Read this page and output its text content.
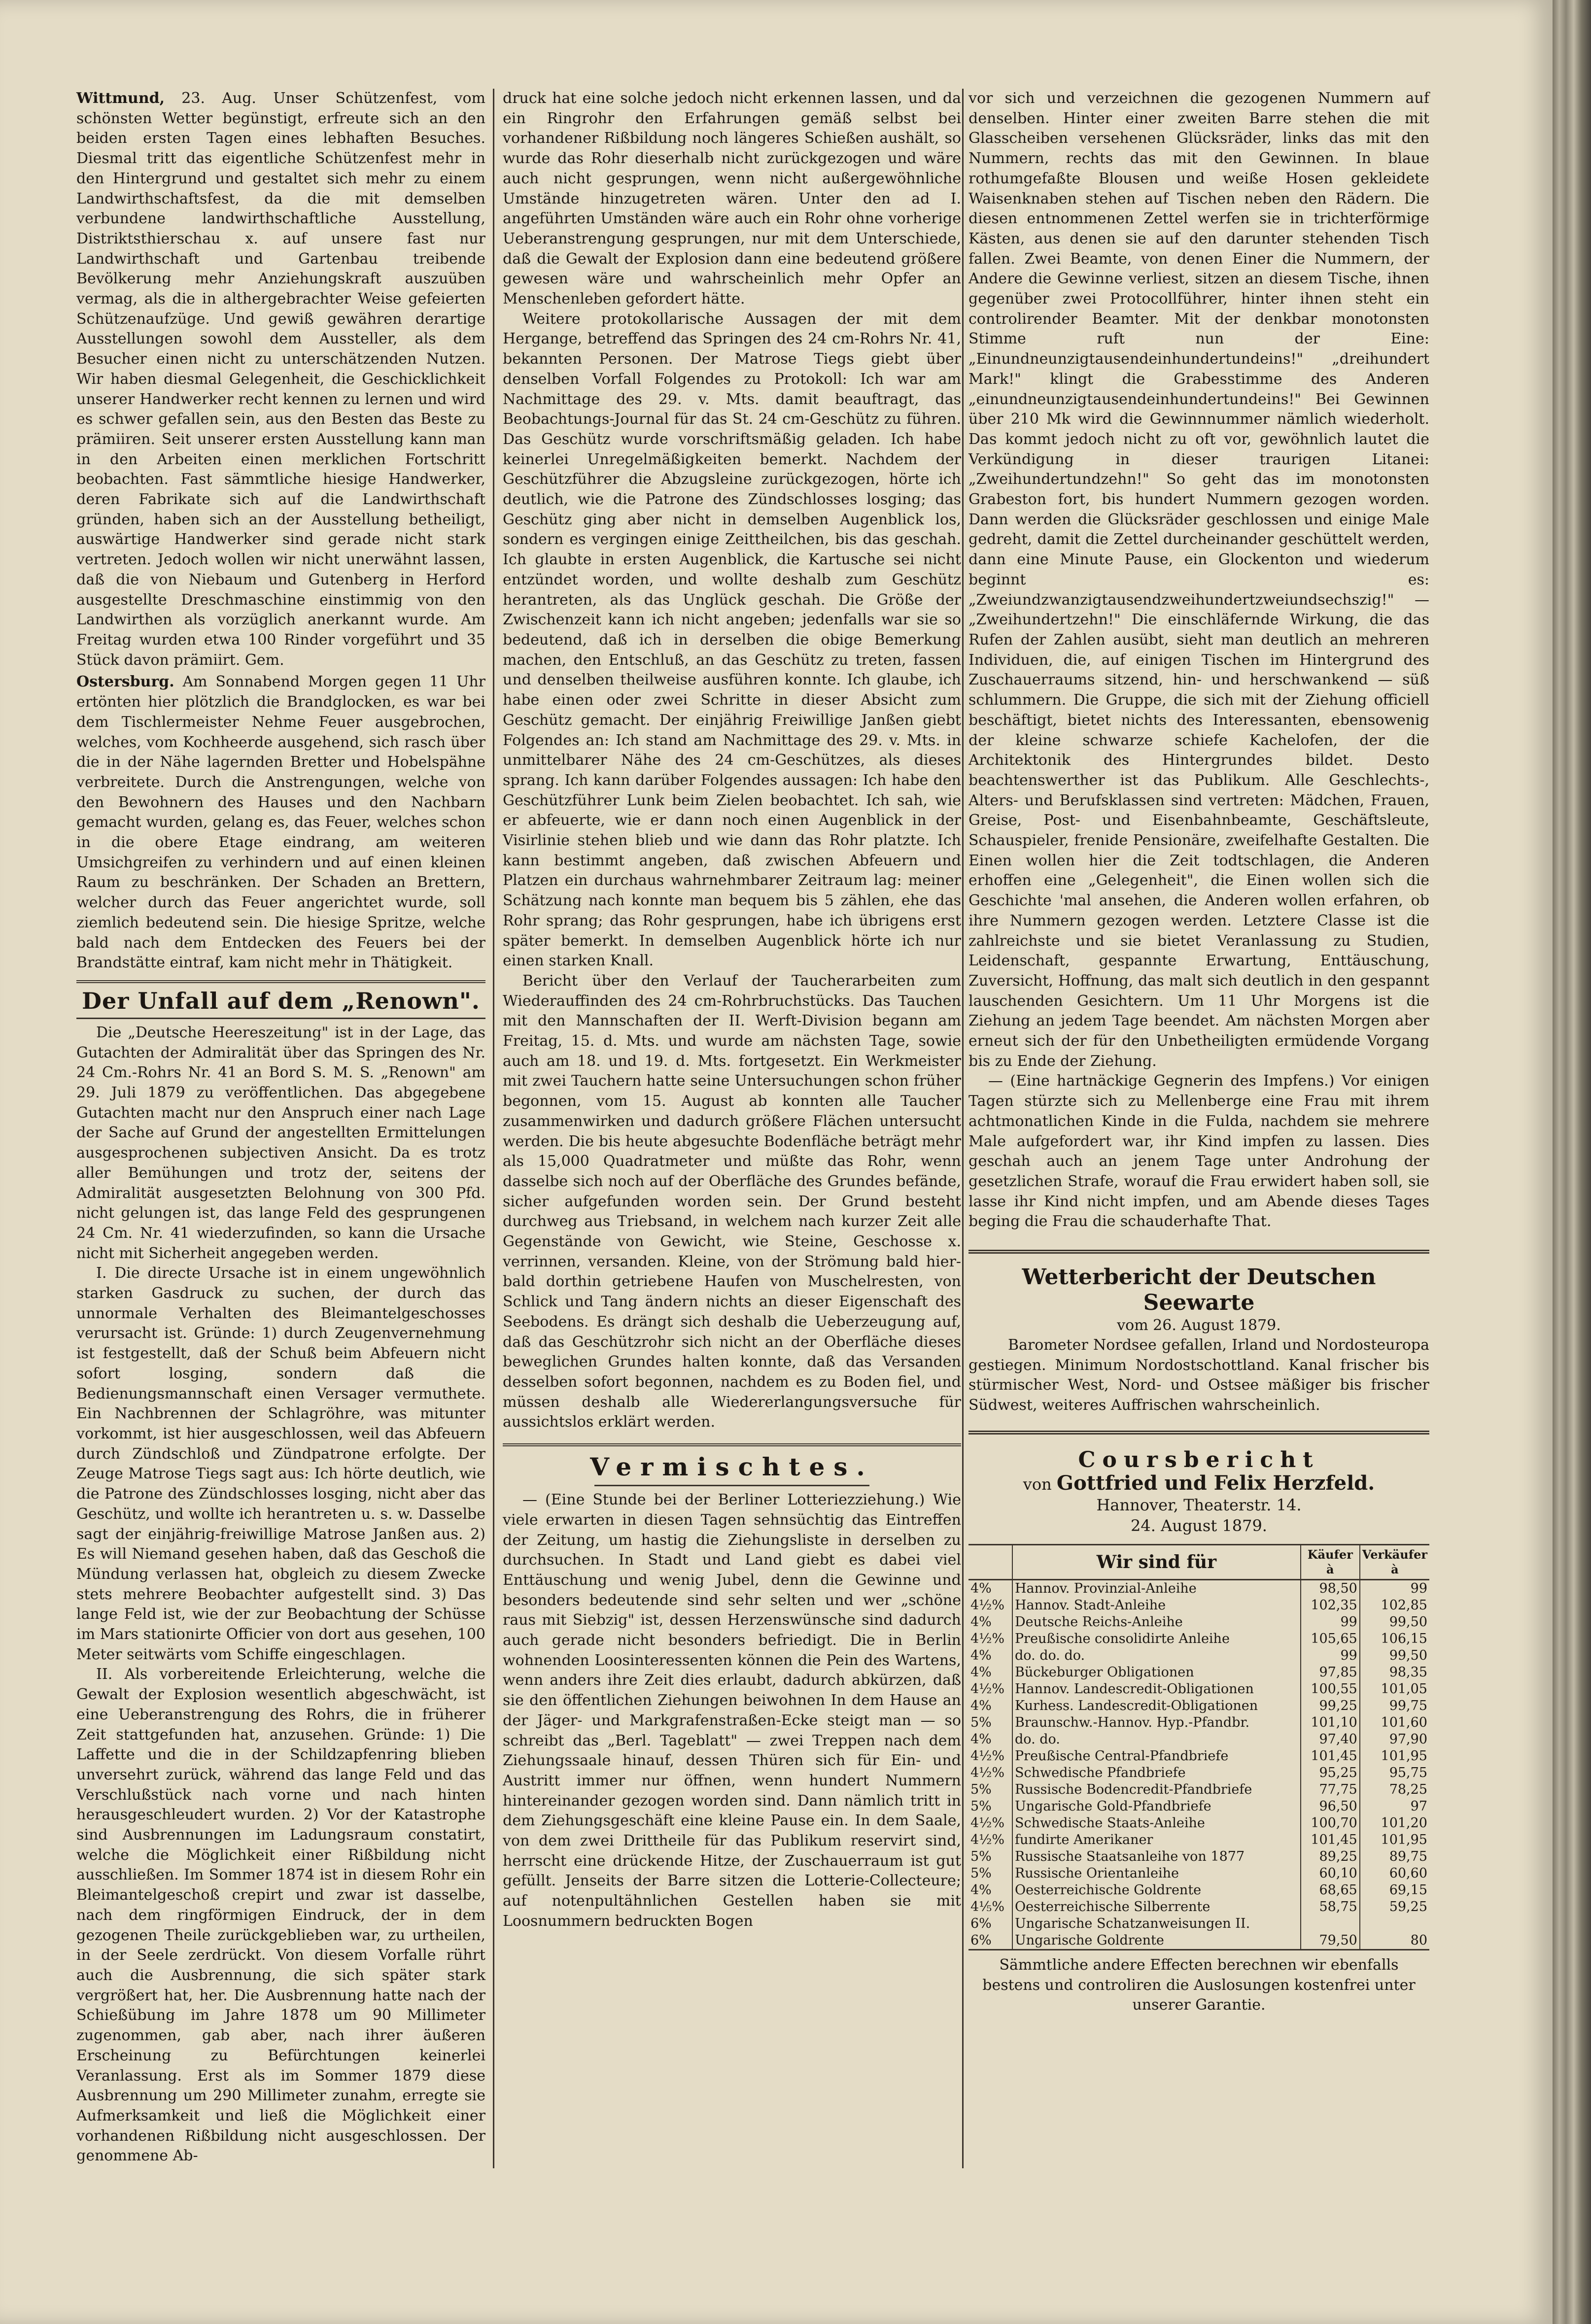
Wittmund, 23. Aug. Unser Schützenfest, vom schönsten Wetter begünstigt, erfreute sich an den beiden ersten Tagen eines lebhaften Besuches. Diesmal tritt das eigentliche Schützenfest mehr in den Hintergrund und gestaltet sich mehr zu einem Landwirthschaftsfest, da die mit demselben verbundene landwirthschaftliche Ausstellung, Distriktsthierschau x. auf unsere fast nur Landwirthschaft und Gartenbau treibende Bevölkerung mehr Anziehungskraft auszuüben vermag, als die in althergebrachter Weise gefeierten Schützenaufzüge. Und gewiß gewähren derartige Ausstellungen sowohl dem Aussteller, als dem Besucher einen nicht zu unterschätzenden Nutzen. Wir haben diesmal Gelegenheit, die Geschicklichkeit unserer Handwerker recht kennen zu lernen und wird es schwer gefallen sein, aus den Besten das Beste zu prämiiren. Seit unserer ersten Ausstellung kann man in den Arbeiten einen merklichen Fortschritt beobachten. Fast sämmtliche hiesige Handwerker, deren Fabrikate sich auf die Landwirthschaft gründen, haben sich an der Ausstellung betheiligt, auswärtige Handwerker sind gerade nicht stark vertreten. Jedoch wollen wir nicht unerwähnt lassen, daß die von Niebaum und Gutenberg in Herford ausgestellte Dreschmaschine einstimmig von den Landwirthen als vorzüglich anerkannt wurde. Am Freitag wurden etwa 100 Rinder vorgeführt und 35 Stück davon prämiirt. Gem.

Ostersburg. Am Sonnabend Morgen gegen 11 Uhr ertönten hier plötzlich die Brandglocken, es war bei dem Tischlermeister Nehme Feuer ausgebrochen, welches, vom Kochheerde ausgehend, sich rasch über die in der Nähe lagernden Bretter und Hobelspähne verbreitete. Durch die Anstrengungen, welche von den Bewohnern des Hauses und den Nachbarn gemacht wurden, gelang es, das Feuer, welches schon in die obere Etage eindrang, am weiteren Umsichgreifen zu verhindern und auf einen kleinen Raum zu beschränken. Der Schaden an Brettern, welcher durch das Feuer angerichtet wurde, soll ziemlich bedeutend sein. Die hiesige Spritze, welche bald nach dem Entdecken des Feuers bei der Brandstätte eintraf, kam nicht mehr in Thätigkeit.

Der Unfall auf dem „Renown".

Die „Deutsche Heereszeitung" ist in der Lage, das Gutachten der Admiralität über das Springen des Nr. 24 Cm.-Rohrs Nr. 41 an Bord S. M. S. „Renown" am 29. Juli 1879 zu veröffentlichen. Das abgegebene Gutachten macht nur den Anspruch einer nach Lage der Sache auf Grund der angestellten Ermittelungen ausgesprochenen subjectiven Ansicht. Da es trotz aller Bemühungen und trotz der, seitens der Admiralität ausgesetzten Belohnung von 300 Pfd. nicht gelungen ist, das lange Feld des gesprungenen 24 Cm. Nr. 41 wiederzufinden, so kann die Ursache nicht mit Sicherheit angegeben werden.

I. Die directe Ursache ist in einem ungewöhnlich starken Gasdruck zu suchen, der durch das unnormale Verhalten des Bleimantelgeschosses verursacht ist. Gründe: 1) durch Zeugenvernehmung ist festgestellt, daß der Schuß beim Abfeuern nicht sofort losging, sondern daß die Bedienungsmannschaft einen Versager vermuthete. Ein Nachbrennen der Schlagröhre, was mitunter vorkommt, ist hier ausgeschlossen, weil das Abfeuern durch Zündschloß und Zündpatrone erfolgte. Der Zeuge Matrose Tiegs sagt aus: Ich hörte deutlich, wie die Patrone des Zündschlosses losging, nicht aber das Geschütz, und wollte ich herantreten u. s. w. Dasselbe sagt der einjährig-freiwillige Matrose Janßen aus. 2) Es will Niemand gesehen haben, daß das Geschoß die Mündung verlassen hat, obgleich zu diesem Zwecke stets mehrere Beobachter aufgestellt sind. 3) Das lange Feld ist, wie der zur Beobachtung der Schüsse im Mars stationirte Officier von dort aus gesehen, 100 Meter seitwärts vom Schiffe eingeschlagen.

II. Als vorbereitende Erleichterung, welche die Gewalt der Explosion wesentlich abgeschwächt, ist eine Ueberanstrengung des Rohrs, die in früherer Zeit stattgefunden hat, anzusehen. Gründe: 1) Die Laffette und die in der Schildzapfenring blieben unversehrt zurück, während das lange Feld und das Verschlußstück nach vorne und nach hinten herausgeschleudert wurden. 2) Vor der Katastrophe sind Ausbrennungen im Ladungsraum constatirt, welche die Möglichkeit einer Rißbildung nicht ausschließen. Im Sommer 1874 ist in diesem Rohr ein Bleimantelgeschoß crepirt und zwar ist dasselbe, nach dem ringförmigen Eindruck, der in dem gezogenen Theile zurückgeblieben war, zu urtheilen, in der Seele zerdrückt. Von diesem Vorfalle rührt auch die Ausbrennung, die sich später stark vergrößert hat, her. Die Ausbrennung hatte nach der Schießübung im Jahre 1878 um 90 Millimeter zugenommen, gab aber, nach ihrer äußeren Erscheinung zu Befürchtungen keinerlei Veranlassung. Erst als im Sommer 1879 diese Ausbrennung um 290 Millimeter zunahm, erregte sie Aufmerksamkeit und ließ die Möglichkeit einer vorhandenen Rißbildung nicht ausgeschlossen. Der genommene Ab-

druck hat eine solche jedoch nicht erkennen lassen, und da ein Ringrohr den Erfahrungen gemäß selbst bei vorhandener Rißbildung noch längeres Schießen aushält, so wurde das Rohr dieserhalb nicht zurückgezogen und wäre auch nicht gesprungen, wenn nicht außergewöhnliche Umstände hinzugetreten wären. Unter den ad I. angeführten Umständen wäre auch ein Rohr ohne vorherige Ueberanstrengung gesprungen, nur mit dem Unterschiede, daß die Gewalt der Explosion dann eine bedeutend größere gewesen wäre und wahrscheinlich mehr Opfer an Menschenleben gefordert hätte.

Weitere protokollarische Aussagen der mit dem Hergange, betreffend das Springen des 24 cm-Rohrs Nr. 41, bekannten Personen. Der Matrose Tiegs giebt über denselben Vorfall Folgendes zu Protokoll: Ich war am Nachmittage des 29. v. Mts. damit beauftragt, das Beobachtungs-Journal für das St. 24 cm-Geschütz zu führen. Das Geschütz wurde vorschriftsmäßig geladen. Ich habe keinerlei Unregelmäßigkeiten bemerkt. Nachdem der Geschützführer die Abzugsleine zurückgezogen, hörte ich deutlich, wie die Patrone des Zündschlosses losging; das Geschütz ging aber nicht in demselben Augenblick los, sondern es vergingen einige Zeittheilchen, bis das geschah. Ich glaubte in ersten Augenblick, die Kartusche sei nicht entzündet worden, und wollte deshalb zum Geschütz herantreten, als das Unglück geschah. Die Größe der Zwischenzeit kann ich nicht angeben; jedenfalls war sie so bedeutend, daß ich in derselben die obige Bemerkung machen, den Entschluß, an das Geschütz zu treten, fassen und denselben theilweise ausführen konnte. Ich glaube, ich habe einen oder zwei Schritte in dieser Absicht zum Geschütz gemacht. Der einjährig Freiwillige Janßen giebt Folgendes an: Ich stand am Nachmittage des 29. v. Mts. in unmittelbarer Nähe des 24 cm-Geschützes, als dieses sprang. Ich kann darüber Folgendes aussagen: Ich habe den Geschützführer Lunk beim Zielen beobachtet. Ich sah, wie er abfeuerte, wie er dann noch einen Augenblick in der Visirlinie stehen blieb und wie dann das Rohr platzte. Ich kann bestimmt angeben, daß zwischen Abfeuern und Platzen ein durchaus wahrnehmbarer Zeitraum lag: meiner Schätzung nach konnte man bequem bis 5 zählen, ehe das Rohr sprang; das Rohr gesprungen, habe ich übrigens erst später bemerkt. In demselben Augenblick hörte ich nur einen starken Knall.

Bericht über den Verlauf der Taucherarbeiten zum Wiederauffinden des 24 cm-Rohrbruchstücks. Das Tauchen mit den Mannschaften der II. Werft-Division begann am Freitag, 15. d. Mts. und wurde am nächsten Tage, sowie auch am 18. und 19. d. Mts. fortgesetzt. Ein Werkmeister mit zwei Tauchern hatte seine Untersuchungen schon früher begonnen, vom 15. August ab konnten alle Taucher zusammenwirken und dadurch größere Flächen untersucht werden. Die bis heute abgesuchte Bodenfläche beträgt mehr als 15,000 Quadratmeter und müßte das Rohr, wenn dasselbe sich noch auf der Oberfläche des Grundes befände, sicher aufgefunden worden sein. Der Grund besteht durchweg aus Triebsand, in welchem nach kurzer Zeit alle Gegenstände von Gewicht, wie Steine, Geschosse x. verrinnen, versanden. Kleine, von der Strömung bald hier- bald dorthin getriebene Haufen von Muschelresten, von Schlick und Tang ändern nichts an dieser Eigenschaft des Seebodens. Es drängt sich deshalb die Ueberzeugung auf, daß das Geschützrohr sich nicht an der Oberfläche dieses beweglichen Grundes halten konnte, daß das Versanden desselben sofort begonnen, nachdem es zu Boden fiel, und müssen deshalb alle Wiedererlangungsversuche für aussichtslos erklärt werden.

Vermischtes.

— (Eine Stunde bei der Berliner Lotteriezziehung.) Wie viele erwarten in diesen Tagen sehnsüchtig das Eintreffen der Zeitung, um hastig die Ziehungsliste in derselben zu durchsuchen. In Stadt und Land giebt es dabei viel Enttäuschung und wenig Jubel, denn die Gewinne und besonders bedeutende sind sehr selten und wer „schöne raus mit Siebzig" ist, dessen Herzenswünsche sind dadurch auch gerade nicht besonders befriedigt. Die in Berlin wohnenden Loosinteressenten können die Pein des Wartens, wenn anders ihre Zeit dies erlaubt, dadurch abkürzen, daß sie den öffentlichen Ziehungen beiwohnen In dem Hause an der Jäger- und Markgrafenstraßen-Ecke steigt man — so schreibt das „Berl. Tageblatt" — zwei Treppen nach dem Ziehungssaale hinauf, dessen Thüren sich für Ein- und Austritt immer nur öffnen, wenn hundert Nummern hintereinander gezogen worden sind. Dann nämlich tritt in dem Ziehungsgeschäft eine kleine Pause ein. In dem Saale, von dem zwei Drittheile für das Publikum reservirt sind, herrscht eine drückende Hitze, der Zuschauerraum ist gut gefüllt. Jenseits der Barre sitzen die Lotterie-Collecteure; auf notenpultähnlichen Gestellen haben sie mit Loosnummern bedruckten Bogen

vor sich und verzeichnen die gezogenen Nummern auf denselben. Hinter einer zweiten Barre stehen die mit Glasscheiben versehenen Glücksräder, links das mit den Nummern, rechts das mit den Gewinnen. In blaue rothumgefaßte Blousen und weiße Hosen gekleidete Waisenknaben stehen auf Tischen neben den Rädern. Die diesen entnommenen Zettel werfen sie in trichterförmige Kästen, aus denen sie auf den darunter stehenden Tisch fallen. Zwei Beamte, von denen Einer die Nummern, der Andere die Gewinne verliest, sitzen an diesem Tische, ihnen gegenüber zwei Protocollführer, hinter ihnen steht ein controlirender Beamter. Mit der denkbar monotonsten Stimme ruft nun der Eine: „Einundneunzigtausendeinhundertundeins!" „dreihundert Mark!" klingt die Grabesstimme des Anderen „einundneunzigtausendeinhundertundeins!" Bei Gewinnen über 210 Mk wird die Gewinnnummer nämlich wiederholt. Das kommt jedoch nicht zu oft vor, gewöhnlich lautet die Verkündigung in dieser traurigen Litanei: „Zweihundertundzehn!" So geht das im monotonsten Grabeston fort, bis hundert Nummern gezogen worden. Dann werden die Glücksräder geschlossen und einige Male gedreht, damit die Zettel durcheinander geschüttelt werden, dann eine Minute Pause, ein Glockenton und wiederum beginnt es: „Zweiundzwanzigtausendzweihundertzweiundsechszig!" — „Zweihundertzehn!" Die einschläfernde Wirkung, die das Rufen der Zahlen ausübt, sieht man deutlich an mehreren Individuen, die, auf einigen Tischen im Hintergrund des Zuschauerraums sitzend, hin- und herschwankend — süß schlummern. Die Gruppe, die sich mit der Ziehung officiell beschäftigt, bietet nichts des Interessanten, ebensowenig der kleine schwarze schiefe Kachelofen, der die Architektonik des Hintergrundes bildet. Desto beachtenswerther ist das Publikum. Alle Geschlechts-, Alters- und Berufsklassen sind vertreten: Mädchen, Frauen, Greise, Post- und Eisenbahnbeamte, Geschäftsleute, Schauspieler, frenide Pensionäre, zweifelhafte Gestalten. Die Einen wollen hier die Zeit todtschlagen, die Anderen erhoffen eine „Gelegenheit", die Einen wollen sich die Geschichte 'mal ansehen, die Anderen wollen erfahren, ob ihre Nummern gezogen werden. Letztere Classe ist die zahlreichste und sie bietet Veranlassung zu Studien, Leidenschaft, gespannte Erwartung, Enttäuschung, Zuversicht, Hoffnung, das malt sich deutlich in den gespannt lauschenden Gesichtern. Um 11 Uhr Morgens ist die Ziehung an jedem Tage beendet. Am nächsten Morgen aber erneut sich der für den Unbetheiligten ermüdende Vorgang bis zu Ende der Ziehung.

— (Eine hartnäckige Gegnerin des Impfens.) Vor einigen Tagen stürzte sich zu Mellenberge eine Frau mit ihrem achtmonatlichen Kinde in die Fulda, nachdem sie mehrere Male aufgefordert war, ihr Kind impfen zu lassen. Dies geschah auch an jenem Tage unter Androhung der gesetzlichen Strafe, worauf die Frau erwidert haben soll, sie lasse ihr Kind nicht impfen, und am Abende dieses Tages beging die Frau die schauderhafte That.

Wetterbericht der Deutschen Seewarte
vom 26. August 1879.

Barometer Nordsee gefallen, Irland und Nordosteuropa gestiegen. Minimum Nordostschottland. Kanal frischer bis stürmischer West, Nord- und Ostsee mäßiger bis frischer Südwest, weiteres Auffrischen wahrscheinlich.

Coursbericht
von Gottfried und Felix Herzfeld.
Hannover, Theaterstr. 14.
24. August 1879.
	Wir sind für	Käufer à	Verkäufer à
4%	Hannov. Provinzial-Anleihe	98,50	99
4½%	Hannov. Stadt-Anleihe	102,35	102,85
4%	Deutsche Reichs-Anleihe	99	99,50
4½%	Preußische consolidirte Anleihe	105,65	106,15
4%	do. do. do.	99	99,50
4%	Bückeburger Obligationen	97,85	98,35
4½%	Hannov. Landescredit-Obligationen	100,55	101,05
4%	Kurhess. Landescredit-Obligationen	99,25	99,75
5%	Braunschw.-Hannov. Hyp.-Pfandbr.	101,10	101,60
4%	do. do.	97,40	97,90
4½%	Preußische Central-Pfandbriefe	101,45	101,95
4½%	Schwedische Pfandbriefe	95,25	95,75
5%	Russische Bodencredit-Pfandbriefe	77,75	78,25
5%	Ungarische Gold-Pfandbriefe	96,50	97
4½%	Schwedische Staats-Anleihe	100,70	101,20
4½%	fundirte Amerikaner	101,45	101,95
5%	Russische Staatsanleihe von 1877	89,25	89,75
5%	Russische Orientanleihe	60,10	60,60
4%	Oesterreichische Goldrente	68,65	69,15
4⅕%	Oesterreichische Silberrente	58,75	59,25
6%	Ungarische Schatzanweisungen II.		
6%	Ungarische Goldrente	79,50	80

Sämmtliche andere Effecten berechnen wir ebenfalls bestens und controliren die Auslosungen kostenfrei unter unserer Garantie.
